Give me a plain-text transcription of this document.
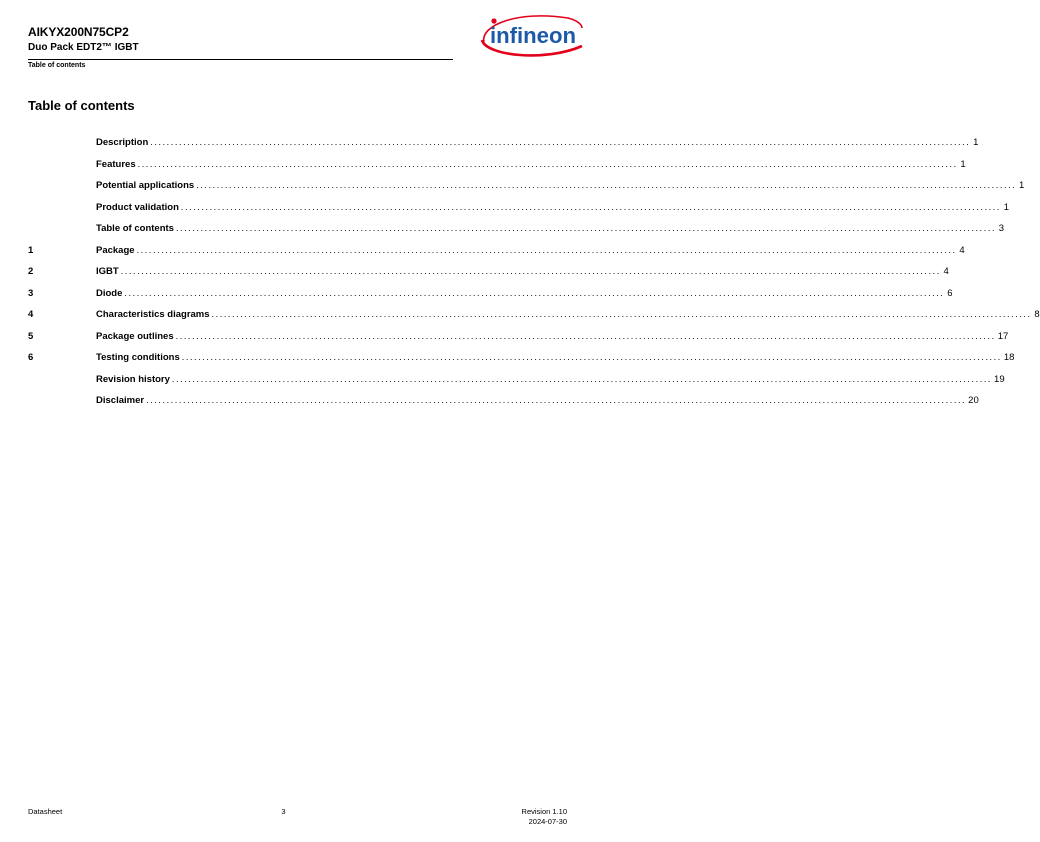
AIKYX200N75CP2
Duo Pack EDT2™ IGBT
Table of contents
infineon
Table of contents
Description ........................................................................................................................................................................................................ 1
Features ........................................................................................................................................................................................................ 1
Potential applications ........................................................................................................................................................................................................ 1
Product validation ........................................................................................................................................................................................................ 1
Table of contents ........................................................................................................................................................................................................ 3
1	Package ........................................................................................................................................................................................................ 4
2	IGBT ........................................................................................................................................................................................................ 4
3	Diode ........................................................................................................................................................................................................ 6
4	Characteristics diagrams ........................................................................................................................................................................................................ 8
5	Package outlines ........................................................................................................................................................................................................ 17
6	Testing conditions ........................................................................................................................................................................................................ 18
Revision history ........................................................................................................................................................................................................ 19
Disclaimer ........................................................................................................................................................................................................ 20
Datasheet	3	Revision 1.10
2024-07-30
